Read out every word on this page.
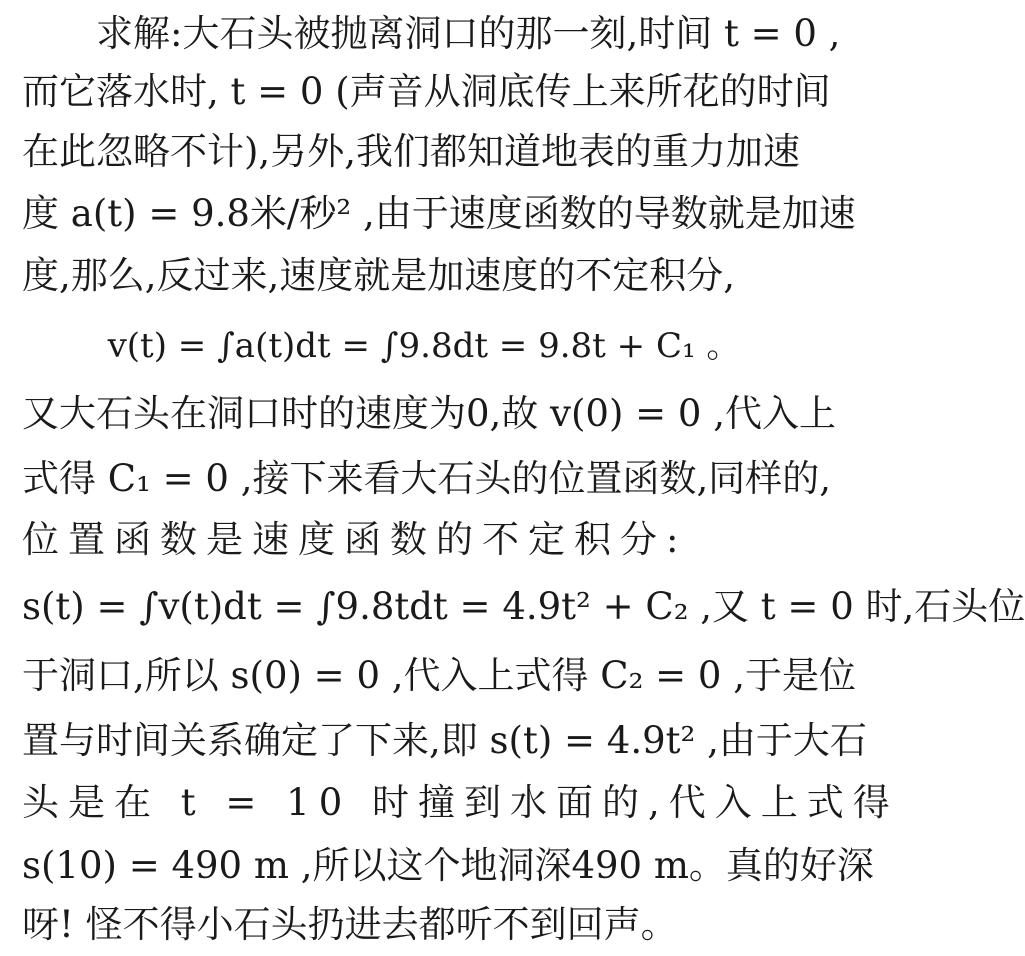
求解:大石头被抛离洞口的那一刻,时间 t = 0 ,
而它落水时, t = 0 (声音从洞底传上来所花的时间
在此忽略不计),另外,我们都知道地表的重力加速
度 a(t) = 9.8米/秒² ,由于速度函数的导数就是加速
度,那么,反过来,速度就是加速度的不定积分,
v(t) = ∫a(t)dt = ∫9.8dt = 9.8t + C₁ 。
又大石头在洞口时的速度为0,故 v(0) = 0 ,代入上
式得 C₁ = 0 ,接下来看大石头的位置函数,同样的,
位置函数是速度函数的不定积分:
s(t) = ∫v(t)dt = ∫9.8tdt = 4.9t² + C₂ ,又 t = 0 时,石头位
于洞口,所以 s(0) = 0 ,代入上式得 C₂ = 0 ,于是位
置与时间关系确定了下来,即 s(t) = 4.9t² ,由于大石
头是在 t = 10 时撞到水面的,代入上式得
s(10) = 490 m ,所以这个地洞深490 m。真的好深
呀! 怪不得小石头扔进去都听不到回声。
